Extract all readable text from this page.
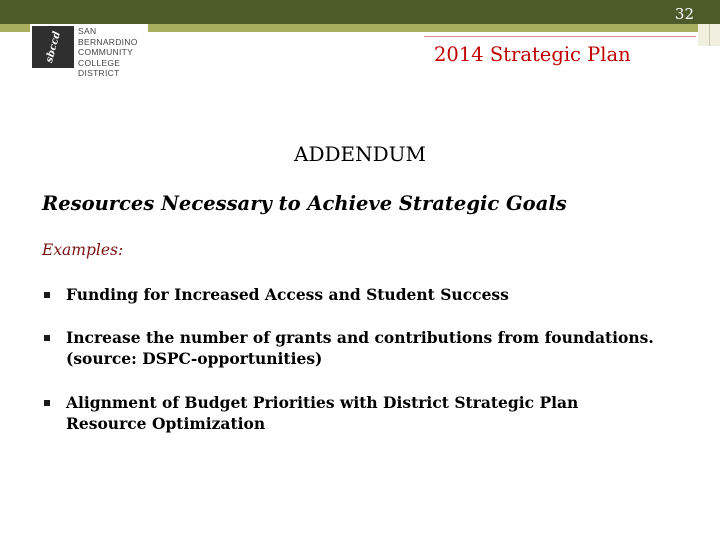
32
sbccd	SAN BERNARDINO
COMMUNITY
COLLEGE
DISTRICT
2014 Strategic Plan
ADDENDUM
Resources Necessary to Achieve Strategic Goals
Examples:
Funding for Increased Access and Student Success
Increase the number of grants and contributions from foundations.
(source: DSPC-opportunities)
Alignment of Budget Priorities with District Strategic Plan
Resource Optimization
